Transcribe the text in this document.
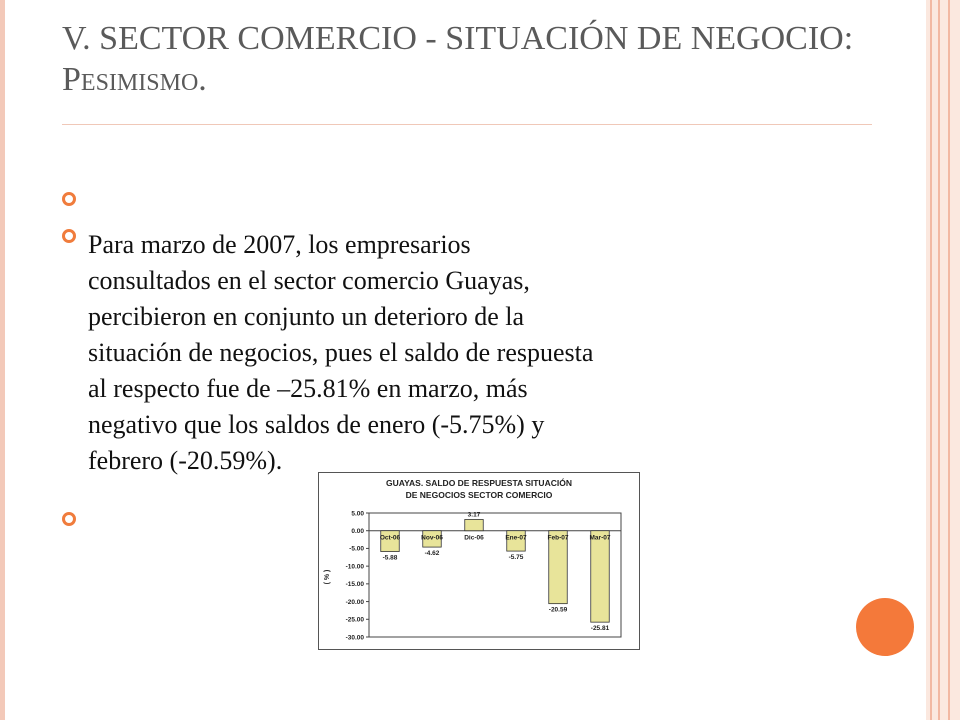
V. SECTOR COMERCIO - SITUACIÓN DE NEGOCIO: PESIMISMO.
Para marzo de 2007, los empresarios
consultados en el sector comercio Guayas,
percibieron en conjunto un deterioro de la
situación de negocios, pues el saldo de respuesta
al respecto fue de –25.81% en marzo, más
negativo que los saldos de enero (-5.75%) y
febrero (-20.59%).
GUAYAS. SALDO DE RESPUESTA SITUACIÓN
DE NEGOCIOS SECTOR COMERCIO
( % )
5.00
0.00
-5.00
-10.00
-15.00
-20.00
-25.00
-30.00
Oct-06
-5.88
Nov-06
-4.62
Dic-06
3.17
Ene-07
-5.75
Feb-07
-20.59
Mar-07
-25.81
